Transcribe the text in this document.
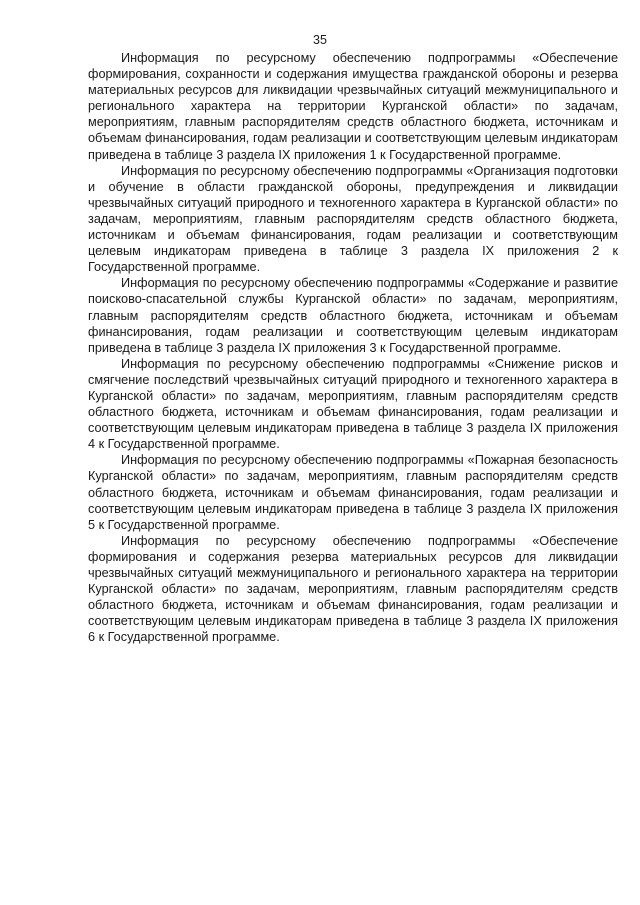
35

Информация по ресурсному обеспечению подпрограммы «Обеспечение формирования, сохранности и содержания имущества гражданской обороны и резерва материальных ресурсов для ликвидации чрезвычайных ситуаций межмуниципального и регионального характера на территории Курганской области» по задачам, мероприятиям, главным распорядителям средств областного бюджета, источникам и объемам финансирования, годам реализации и соответствующим целевым индикаторам приведена в таблице 3 раздела IX приложения 1 к Государственной программе.

Информация по ресурсному обеспечению подпрограммы «Организация подготовки и обучение в области гражданской обороны, предупреждения и ликвидации чрезвычайных ситуаций природного и техногенного характера в Курганской области» по задачам, мероприятиям, главным распорядителям средств областного бюджета, источникам и объемам финансирования, годам реализации и соответствующим целевым индикаторам приведена в таблице 3 раздела IX приложения 2 к Государственной программе.

Информация по ресурсному обеспечению подпрограммы «Содержание и развитие поисково-спасательной службы Курганской области» по задачам, мероприятиям, главным распорядителям средств областного бюджета, источникам и объемам финансирования, годам реализации и соответствующим целевым индикаторам приведена в таблице 3 раздела IX приложения 3 к Государственной программе.

Информация по ресурсному обеспечению подпрограммы «Снижение рисков и смягчение последствий чрезвычайных ситуаций природного и техногенного характера в Курганской области» по задачам, мероприятиям, главным распорядителям средств областного бюджета, источникам и объемам финансирования, годам реализации и соответствующим целевым индикаторам приведена в таблице 3 раздела IX приложения 4 к Государственной программе.

Информация по ресурсному обеспечению подпрограммы «Пожарная безопасность Курганской области» по задачам, мероприятиям, главным распорядителям средств областного бюджета, источникам и объемам финансирования, годам реализации и соответствующим целевым индикаторам приведена в таблице 3 раздела IX приложения 5 к Государственной программе.

Информация по ресурсному обеспечению подпрограммы «Обеспечение формирования и содержания резерва материальных ресурсов для ликвидации чрезвычайных ситуаций межмуниципального и регионального характера на территории Курганской области» по задачам, мероприятиям, главным распорядителям средств областного бюджета, источникам и объемам финансирования, годам реализации и соответствующим целевым индикаторам приведена в таблице 3 раздела IX приложения 6 к Государственной программе.
